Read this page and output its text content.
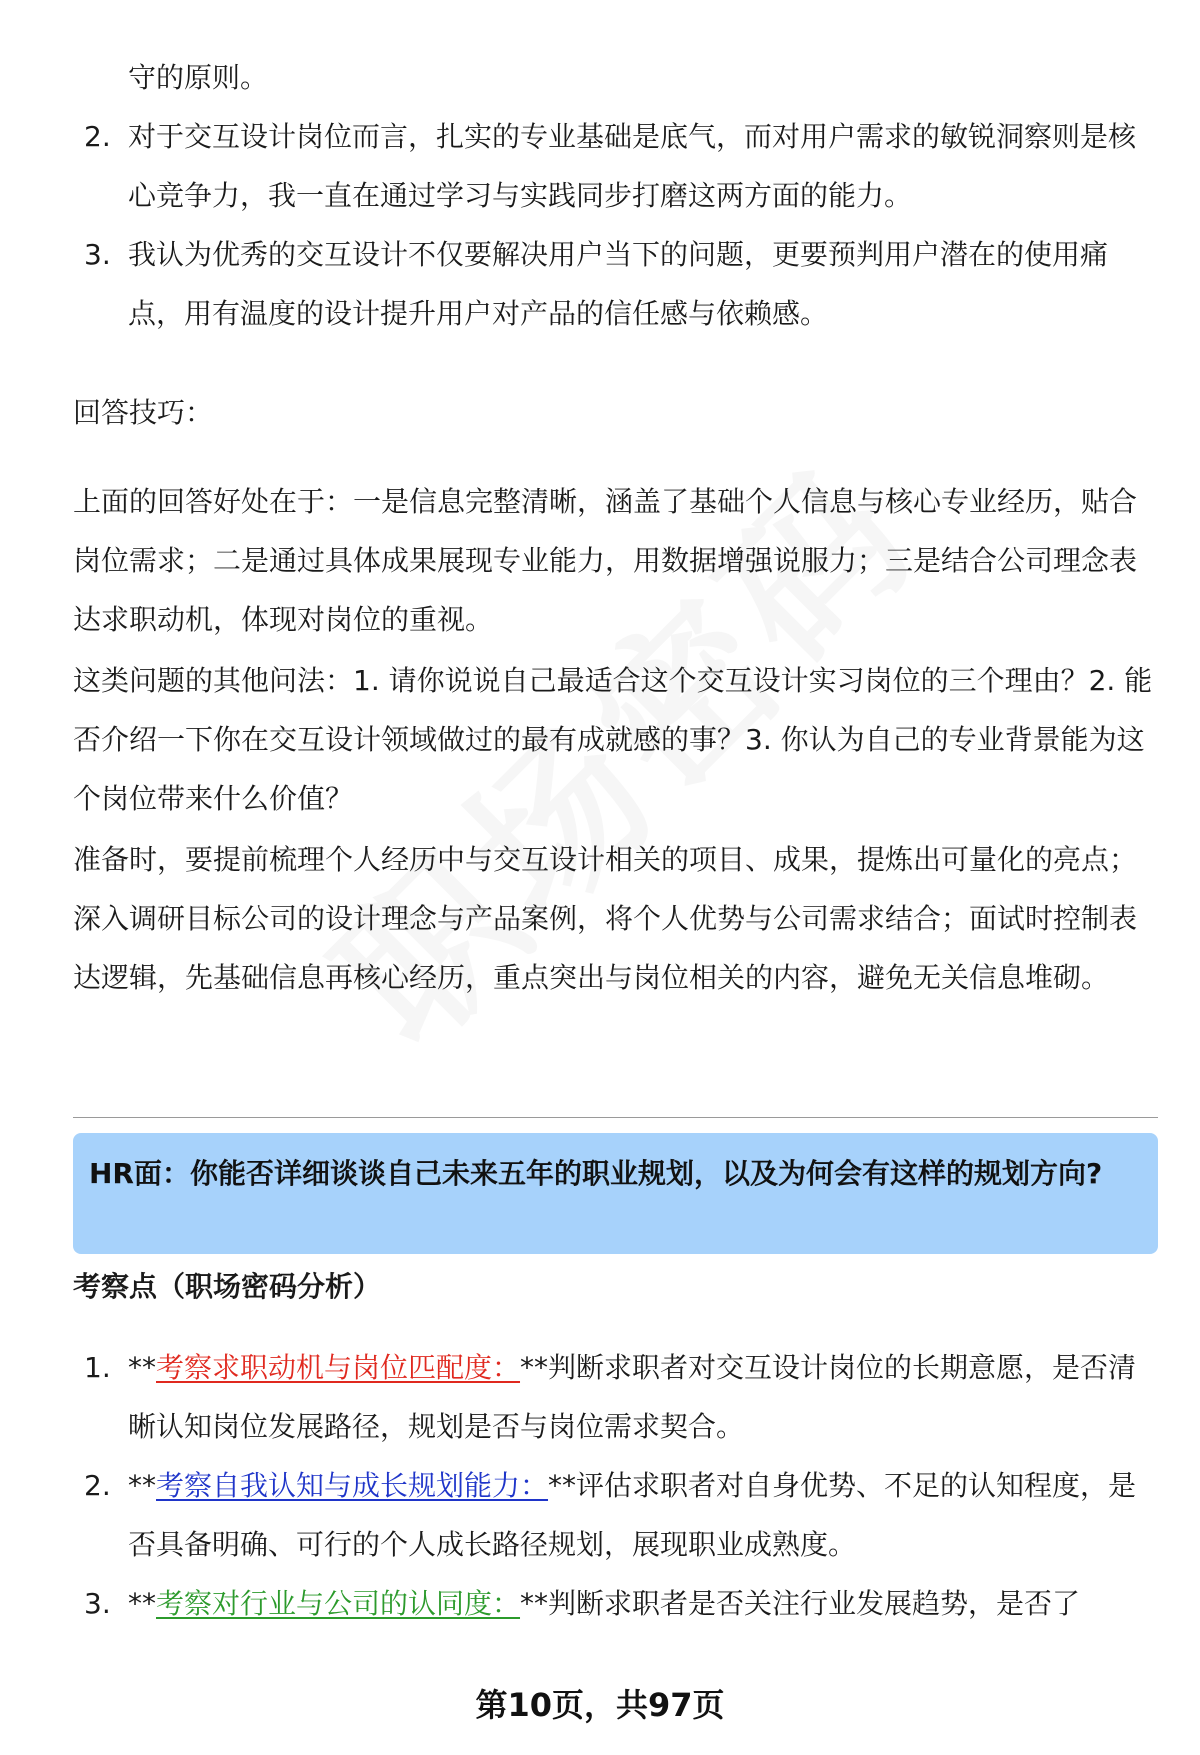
守的原则。
2. 对于交互设计岗位而言，扎实的专业基础是底气，而对用户需求的敏锐洞察则是核心竞争力，我一直在通过学习与实践同步打磨这两方面的能力。
3. 我认为优秀的交互设计不仅要解决用户当下的问题，更要预判用户潜在的使用痛点，用有温度的设计提升用户对产品的信任感与依赖感。
回答技巧：
上面的回答好处在于：一是信息完整清晰，涵盖了基础个人信息与核心专业经历，贴合岗位需求；二是通过具体成果展现专业能力，用数据增强说服力；三是结合公司理念表达求职动机，体现对岗位的重视。
这类问题的其他问法：1. 请你说说自己最适合这个交互设计实习岗位的三个理由？2. 能否介绍一下你在交互设计领域做过的最有成就感的事？3. 你认为自己的专业背景能为这个岗位带来什么价值？
准备时，要提前梳理个人经历中与交互设计相关的项目、成果，提炼出可量化的亮点；深入调研目标公司的设计理念与产品案例，将个人优势与公司需求结合；面试时控制表达逻辑，先基础信息再核心经历，重点突出与岗位相关的内容，避免无关信息堆砌。
HR面：你能否详细谈谈自己未来五年的职业规划，以及为何会有这样的规划方向?
考察点（职场密码分析）
1. **考察求职动机与岗位匹配度：**判断求职者对交互设计岗位的长期意愿，是否清晰认知岗位发展路径，规划是否与岗位需求契合。
2. **考察自我认知与成长规划能力：**评估求职者对自身优势、不足的认知程度，是否具备明确、可行的个人成长路径规划，展现职业成熟度。
3. **考察对行业与公司的认同度：**判断求职者是否关注行业发展趋势，是否了
第10页，共97页
